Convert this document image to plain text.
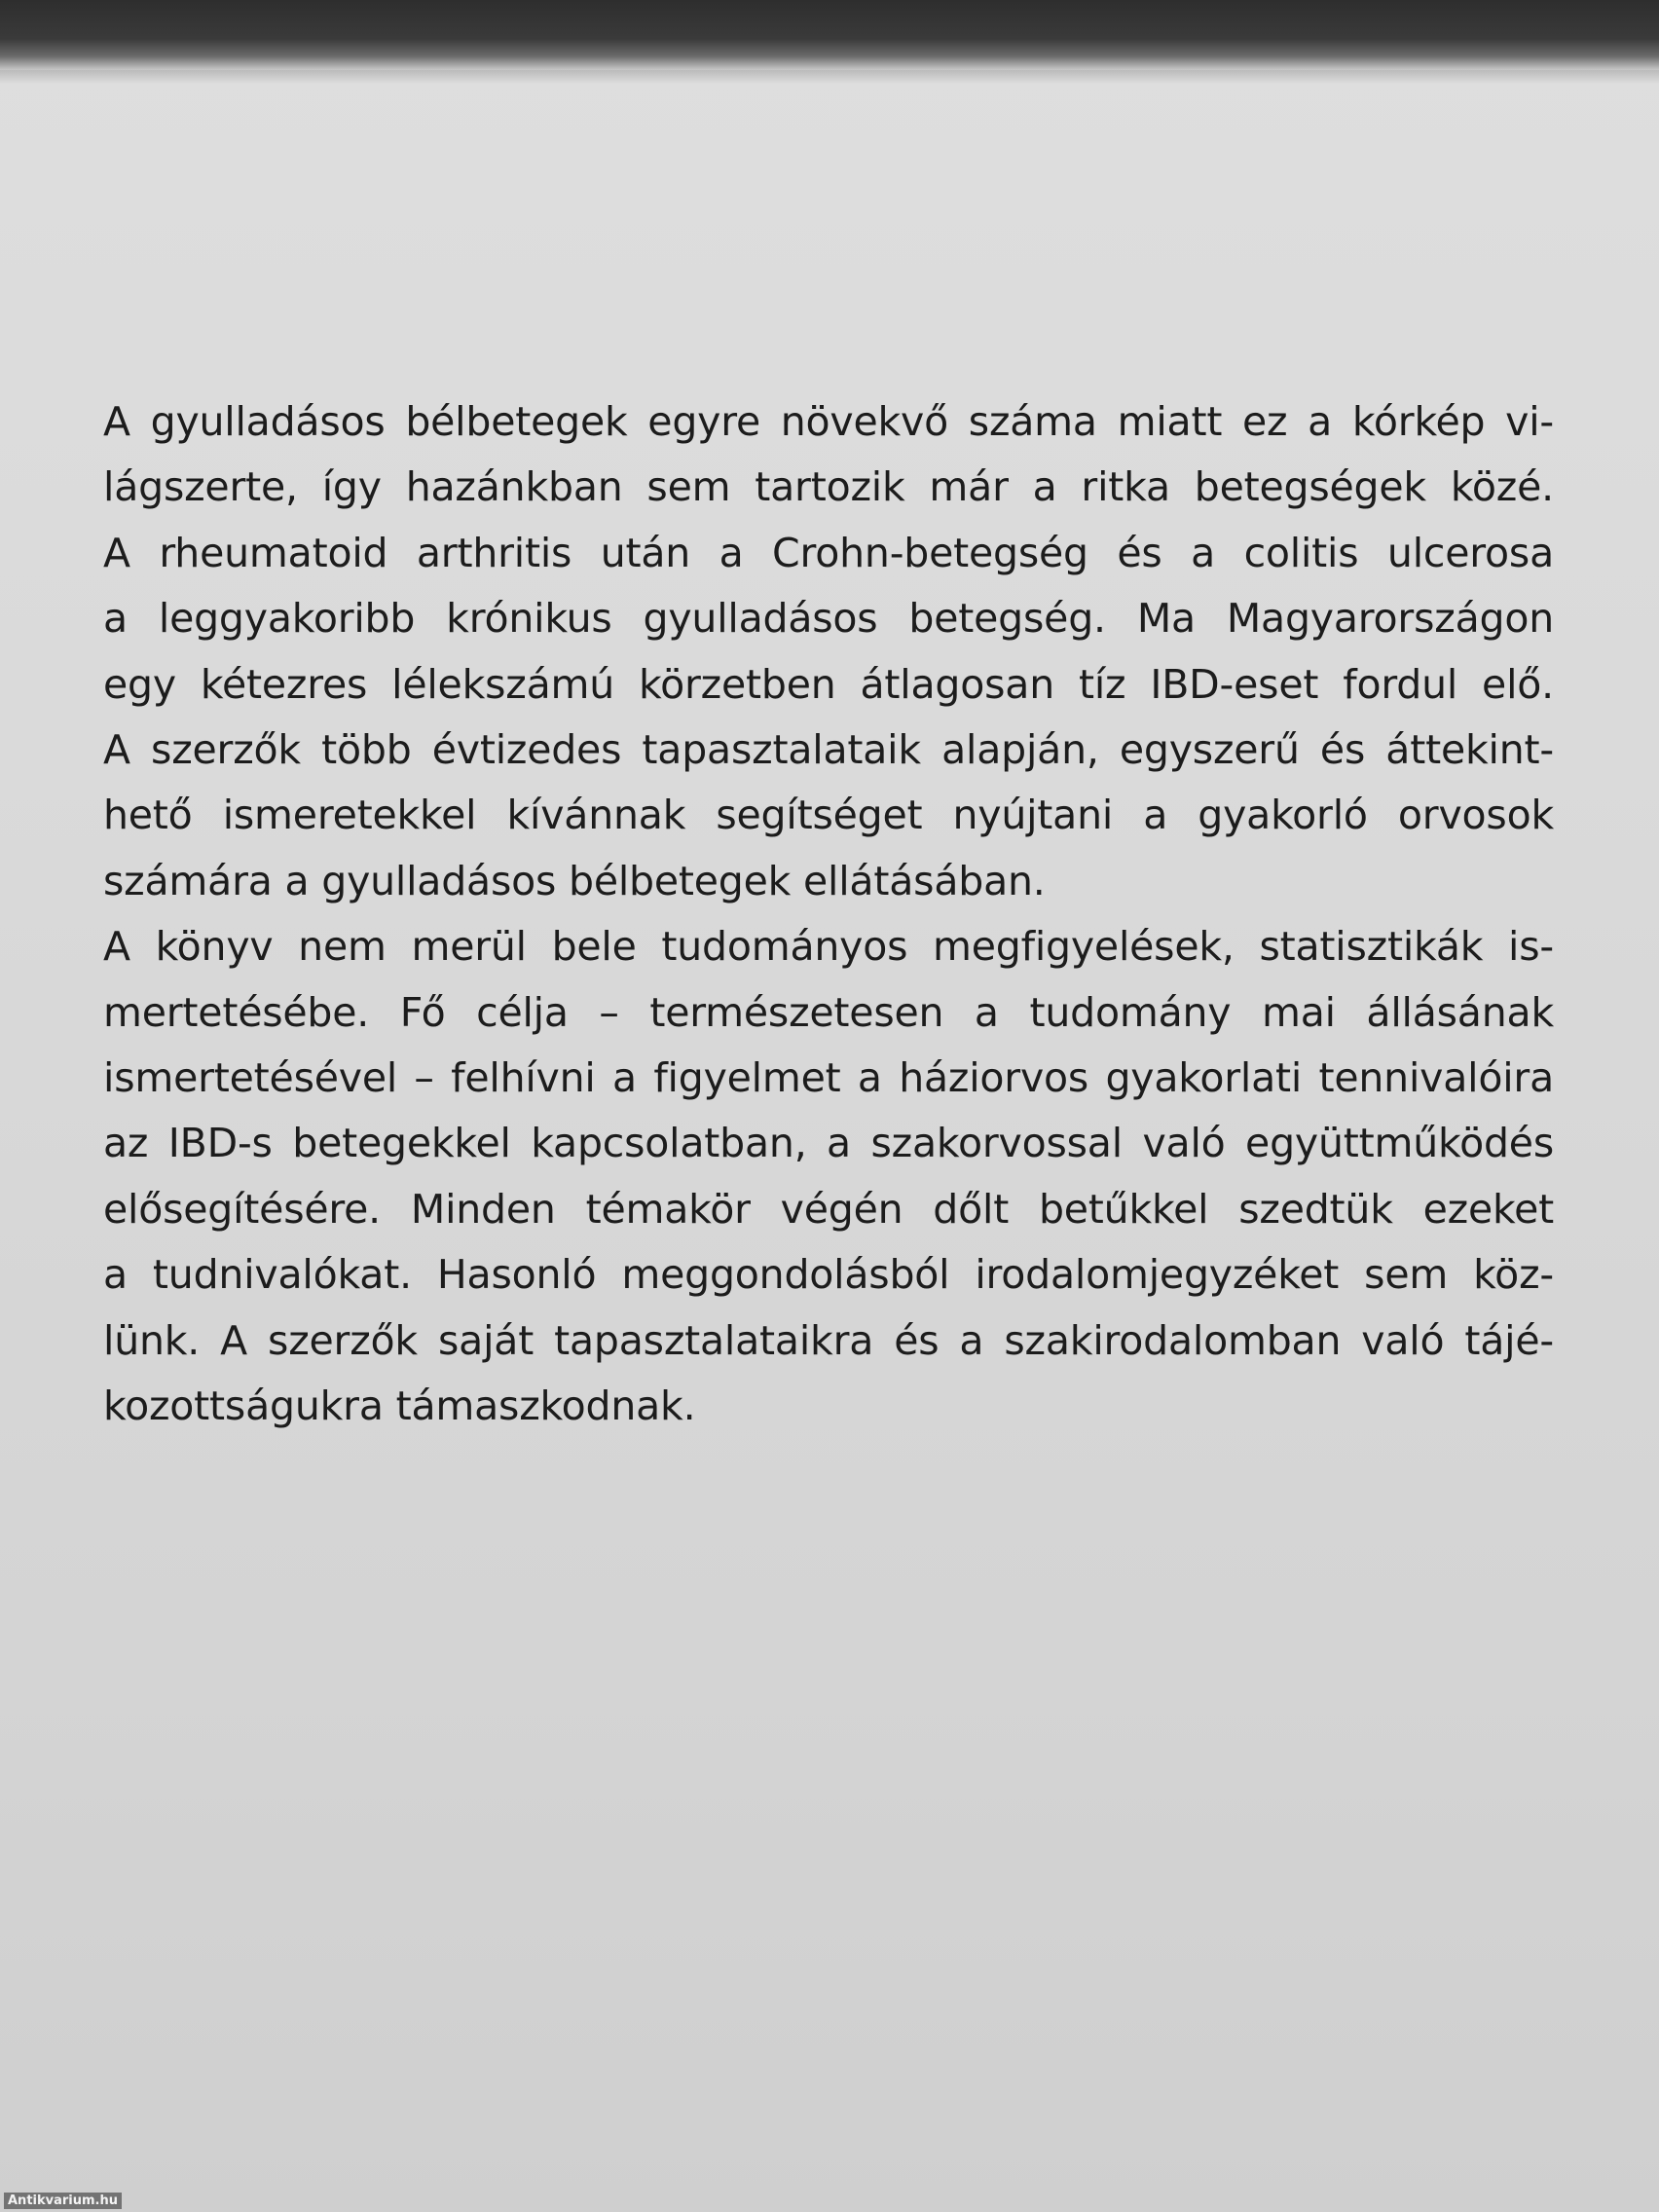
A gyulladásos bélbetegek egyre növekvő száma miatt ez a kórkép vi-
lágszerte, így hazánkban sem tartozik már a ritka betegségek közé.
A rheumatoid arthritis után a Crohn-betegség és a colitis ulcerosa
a leggyakoribb krónikus gyulladásos betegség. Ma Magyarországon
egy kétezres lélekszámú körzetben átlagosan tíz IBD-eset fordul elő.
A szerzők több évtizedes tapasztalataik alapján, egyszerű és áttekint-
hető ismeretekkel kívánnak segítséget nyújtani a gyakorló orvosok
számára a gyulladásos bélbetegek ellátásában.
A könyv nem merül bele tudományos megfigyelések, statisztikák is-
mertetésébe. Fő célja – természetesen a tudomány mai állásának
ismertetésével – felhívni a figyelmet a háziorvos gyakorlati tennivalóira
az IBD-s betegekkel kapcsolatban, a szakorvossal való együttműködés
elősegítésére. Minden témakör végén dőlt betűkkel szedtük ezeket
a tudnivalókat. Hasonló meggondolásból irodalomjegyzéket sem köz-
lünk. A szerzők saját tapasztalataikra és a szakirodalomban való tájé-
kozottságukra támaszkodnak.
Antikvarium.hu
